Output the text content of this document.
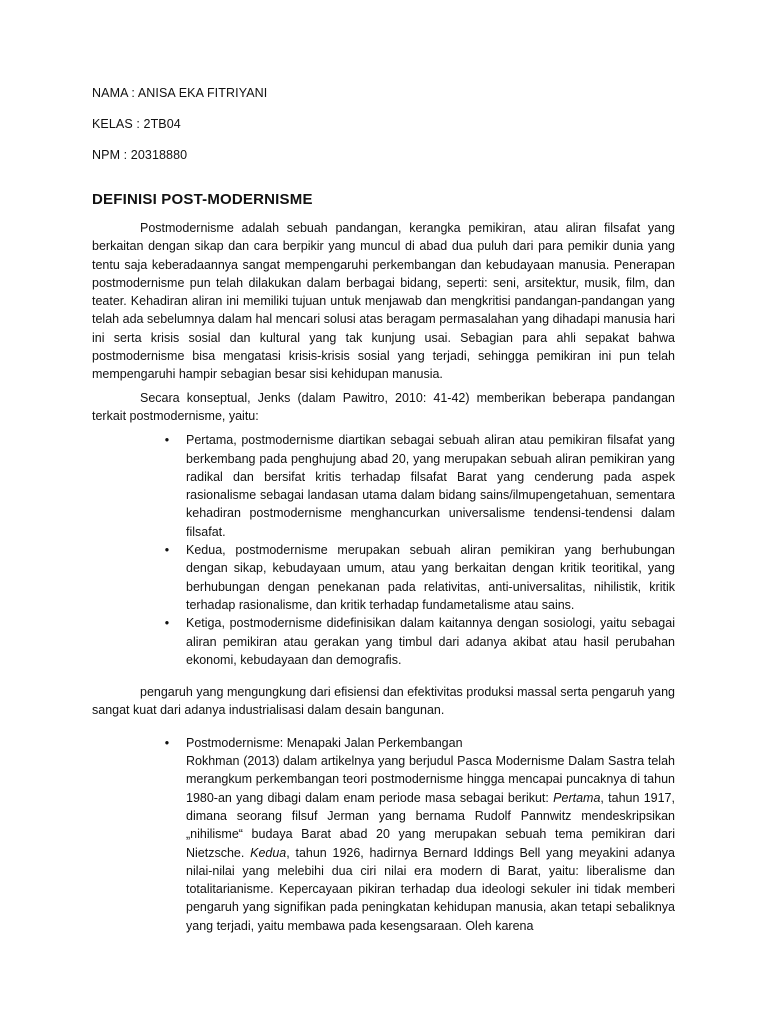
NAMA : ANISA EKA FITRIYANI
KELAS : 2TB04
NPM : 20318880
DEFINISI POST-MODERNISME

Postmodernisme adalah sebuah pandangan, kerangka pemikiran, atau aliran filsafat yang berkaitan dengan sikap dan cara berpikir yang muncul di abad dua puluh dari para pemikir dunia yang tentu saja keberadaannya sangat mempengaruhi perkembangan dan kebudayaan manusia. Penerapan postmodernisme pun telah dilakukan dalam berbagai bidang, seperti: seni, arsitektur, musik, film, dan teater. Kehadiran aliran ini memiliki tujuan untuk menjawab dan mengkritisi pandangan-pandangan yang telah ada sebelumnya dalam hal mencari solusi atas beragam permasalahan yang dihadapi manusia hari ini serta krisis sosial dan kultural yang tak kunjung usai. Sebagian para ahli sepakat bahwa postmodernisme bisa mengatasi krisis-krisis sosial yang terjadi, sehingga pemikiran ini pun telah mempengaruhi hampir sebagian besar sisi kehidupan manusia.

Secara konseptual, Jenks (dalam Pawitro, 2010: 41-42) memberikan beberapa pandangan terkait postmodernisme, yaitu:

•	Pertama, postmodernisme diartikan sebagai sebuah aliran atau pemikiran filsafat yang berkembang pada penghujung abad 20, yang merupakan sebuah aliran pemikiran yang radikal dan bersifat kritis terhadap filsafat Barat yang cenderung pada aspek rasionalisme sebagai landasan utama dalam bidang sains/ilmupengetahuan, sementara kehadiran postmodernisme menghancurkan universalisme tendensi-tendensi dalam filsafat.
•	Kedua, postmodernisme merupakan sebuah aliran pemikiran yang berhubungan dengan sikap, kebudayaan umum, atau yang berkaitan dengan kritik teoritikal, yang berhubungan dengan penekanan pada relativitas, anti-universalitas, nihilistik, kritik terhadap rasionalisme, dan kritik terhadap fundametalisme atau sains.
•	Ketiga, postmodernisme didefinisikan dalam kaitannya dengan sosiologi, yaitu sebagai aliran pemikiran atau gerakan yang timbul dari adanya akibat atau hasil perubahan ekonomi, kebudayaan dan demografis.

pengaruh yang mengungkung dari efisiensi dan efektivitas produksi massal serta pengaruh yang sangat kuat dari adanya industrialisasi dalam desain bangunan.

•	Postmodernisme: Menapaki Jalan Perkembangan
Rokhman (2013) dalam artikelnya yang berjudul Pasca Modernisme Dalam Sastra telah merangkum perkembangan teori postmodernisme hingga mencapai puncaknya di tahun 1980-an yang dibagi dalam enam periode masa sebagai berikut: Pertama, tahun 1917, dimana seorang filsuf Jerman yang bernama Rudolf Pannwitz mendeskripsikan „nihilisme“ budaya Barat abad 20 yang merupakan sebuah tema pemikiran dari Nietzsche. Kedua, tahun 1926, hadirnya Bernard Iddings Bell yang meyakini adanya nilai-nilai yang melebihi dua ciri nilai era modern di Barat, yaitu: liberalisme dan totalitarianisme. Kepercayaan pikiran terhadap dua ideologi sekuler ini tidak memberi pengaruh yang signifikan pada peningkatan kehidupan manusia, akan tetapi sebaliknya yang terjadi, yaitu membawa pada kesengsaraan. Oleh karena
